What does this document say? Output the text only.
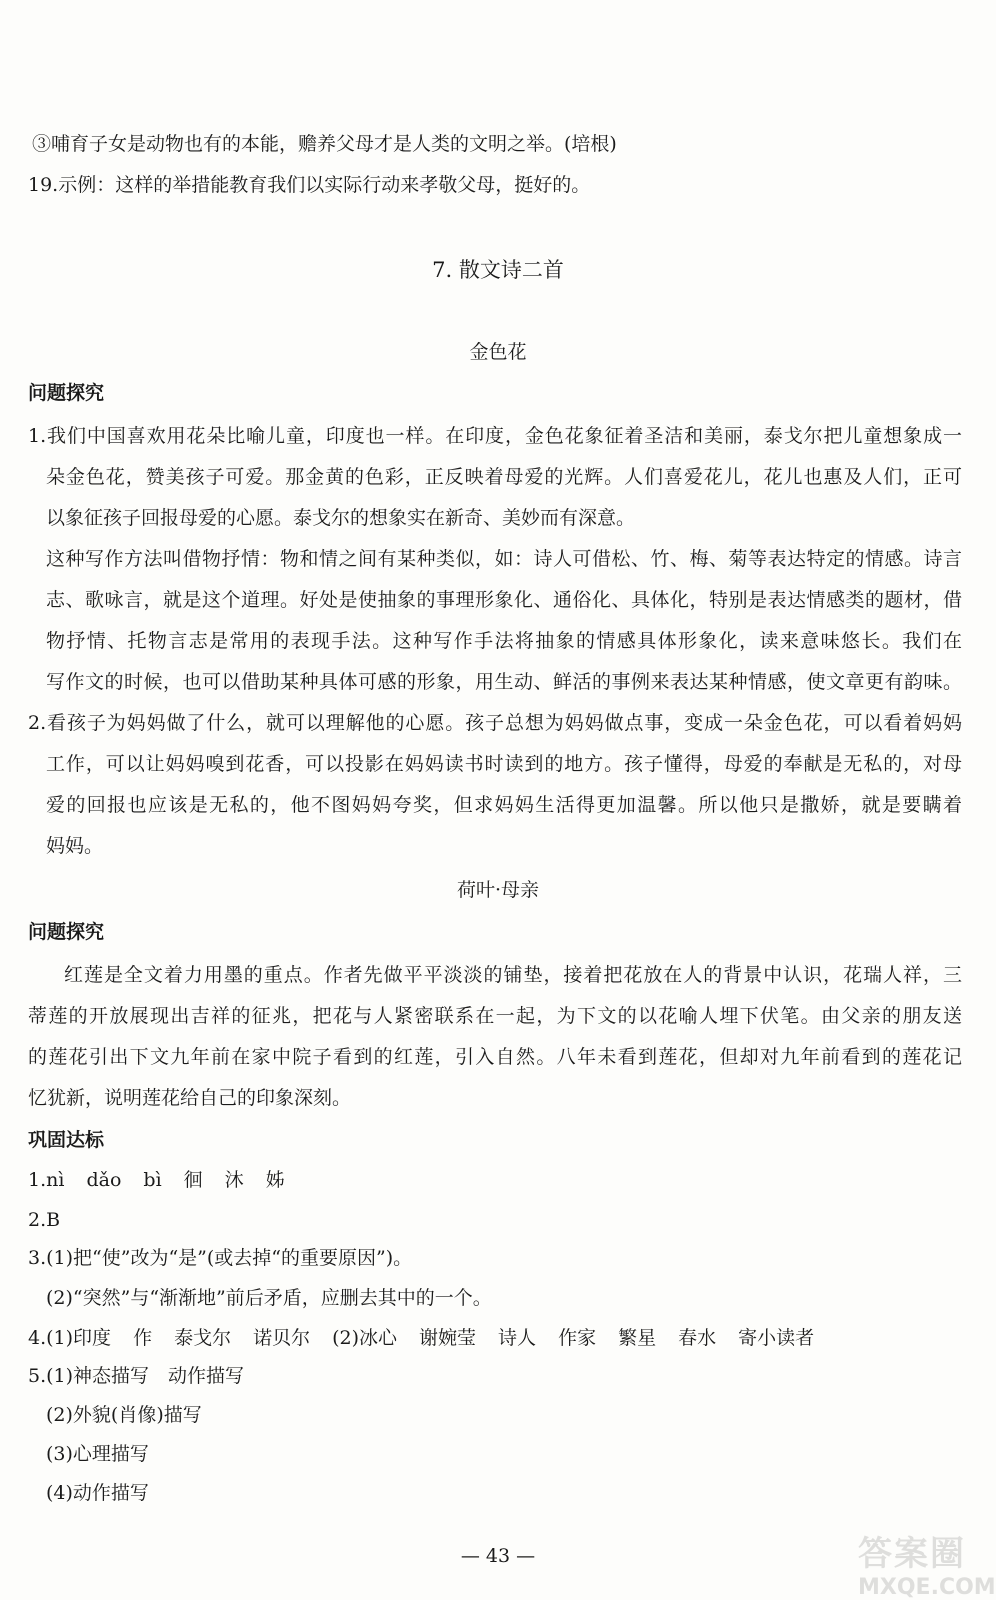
③哺育子女是动物也有的本能，赡养父母才是人类的文明之举。(培根)
19.示例：这样的举措能教育我们以实际行动来孝敬父母，挺好的。
7. 散文诗二首
金色花
问题探究
1.我们中国喜欢用花朵比喻儿童，印度也一样。在印度，金色花象征着圣洁和美丽，泰戈尔把儿童想象成一
朵金色花，赞美孩子可爱。那金黄的色彩，正反映着母爱的光辉。人们喜爱花儿，花儿也惠及人们，正可
以象征孩子回报母爱的心愿。泰戈尔的想象实在新奇、美妙而有深意。
这种写作方法叫借物抒情：物和情之间有某种类似，如：诗人可借松、竹、梅、菊等表达特定的情感。诗言
志、歌咏言，就是这个道理。好处是使抽象的事理形象化、通俗化、具体化，特别是表达情感类的题材，借
物抒情、托物言志是常用的表现手法。这种写作手法将抽象的情感具体形象化，读来意味悠长。我们在
写作文的时候，也可以借助某种具体可感的形象，用生动、鲜活的事例来表达某种情感，使文章更有韵味。
2.看孩子为妈妈做了什么，就可以理解他的心愿。孩子总想为妈妈做点事，变成一朵金色花，可以看着妈妈
工作，可以让妈妈嗅到花香，可以投影在妈妈读书时读到的地方。孩子懂得，母爱的奉献是无私的，对母
爱的回报也应该是无私的，他不图妈妈夸奖，但求妈妈生活得更加温馨。所以他只是撒娇，就是要瞒着
妈妈。
荷叶·母亲
问题探究
红莲是全文着力用墨的重点。作者先做平平淡淡的铺垫，接着把花放在人的背景中认识，花瑞人祥，三
蒂莲的开放展现出吉祥的征兆，把花与人紧密联系在一起，为下文的以花喻人埋下伏笔。由父亲的朋友送
的莲花引出下文九年前在家中院子看到的红莲，引入自然。八年未看到莲花，但却对九年前看到的莲花记
忆犹新，说明莲花给自己的印象深刻。
巩固达标
1.nì dǎo bì 徊 沐 姊
2.B
3.(1)把“使”改为“是”(或去掉“的重要原因”)。
(2)“突然”与“渐渐地”前后矛盾，应删去其中的一个。
4.(1)印度 作 泰戈尔 诺贝尔 (2)冰心 谢婉莹 诗人 作家 繁星 春水 寄小读者
5.(1)神态描写　动作描写
(2)外貌(肖像)描写
(3)心理描写
(4)动作描写
— 43 —	答案圈
MXQE.COM
